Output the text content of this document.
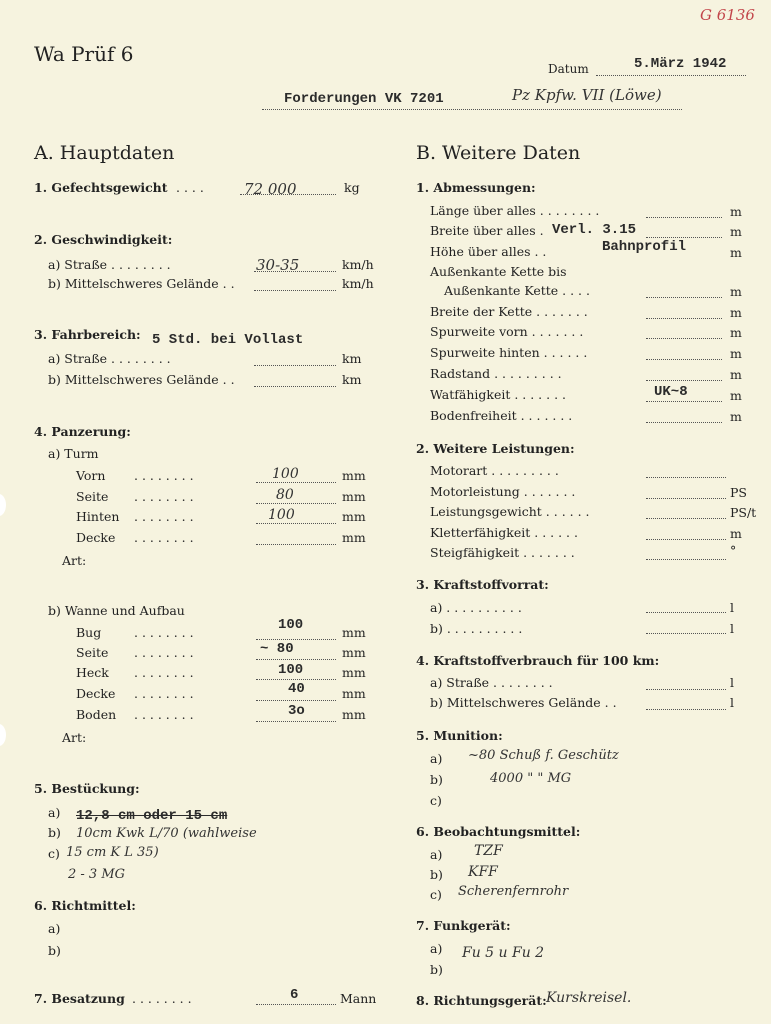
G 6136
Wa Prüf 6
Datum	5.März 1942
Forderungen VK 7201	Pz Kpfw. VII (Löwe)
A. Hauptdaten
1. Gefechtsgewicht . . . .	72 000	kg
2. Geschwindigkeit:
a) Straße . . . . . . . .	30-35	km/h
b) Mittelschweres Gelände . .	km/h
3. Fahrbereich: 5 Std. bei Vollast
a) Straße . . . . . . . .	km
b) Mittelschweres Gelände . .	km
4. Panzerung:
a) Turm
Vorn . . . . . . . .	100	mm
Seite . . . . . . . .	80	mm
Hinten . . . . . . . .	100	mm
Decke . . . . . . . .	mm
Art:
b) Wanne und Aufbau
Bug	. . . . . . . .	100	mm
Seite . . . . . . . .	~ 80	mm
Heck . . . . . . . .	100	mm
Decke . . . . . . . .	40	mm
Boden . . . . . . . .	3o	mm
Art:
5. Bestückung:
a) 12,8 cm oder 15 cm
b) 10cm Kwk L/70 (wahlweise
c) 15 cm K L 35)
2 - 3 MG
6. Richtmittel:
a)
b)
7. Besatzung . . . . . . . .	6	Mann
B. Weitere Daten
1. Abmessungen:
Länge über alles . . . . . . . .	m
Breite über alles . Verl. 3.15	m
Höhe über alles . .	Bahnprofil	m
Außenkante Kette bis
Außenkante Kette . . . .	m
Breite der Kette . . . . . . .	m
Spurweite vorn . . . . . . .	m
Spurweite hinten . . . . . .	m
Radstand . . . . . . . . .	m
Watfähigkeit . . . . . . .	UK~8	m
Bodenfreiheit . . . . . . .	m
2. Weitere Leistungen:
Motorart . . . . . . . . .
Motorleistung . . . . . . .	PS
Leistungsgewicht . . . . . .	PS/t
Kletterfähigkeit . . . . . .	m
Steigfähigkeit . . . . . . .	°
3. Kraftstoffvorrat:
a) . . . . . . . . . .	l
b) . . . . . . . . . .	l
4. Kraftstoffverbrauch für 100 km:
a) Straße . . . . . . . .	l
b) Mittelschweres Gelände . .	l
5. Munition:
a) ~80 Schuß f. Geschütz
b)	4000 " " MG
c)
6. Beobachtungsmittel:
a) TZF
b) KFF
c) Scherenfernrohr
7. Funkgerät:
a)
b)
Fu 5 u Fu 2
8. Richtungsgerät: Kurskreisel.
